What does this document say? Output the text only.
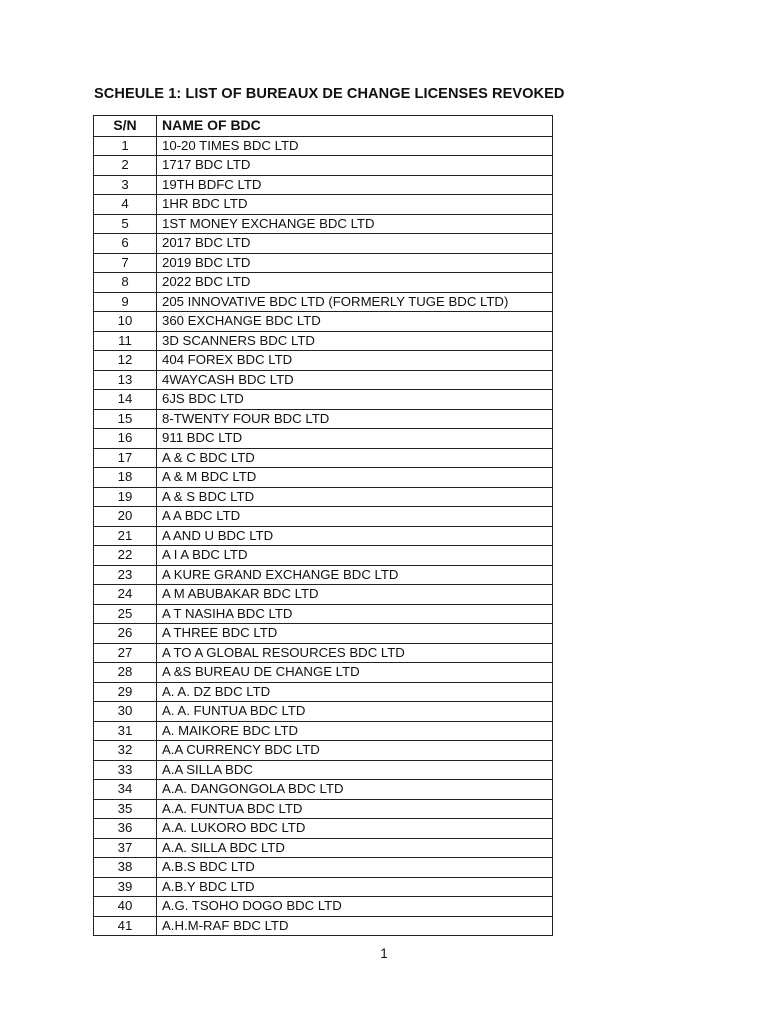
SCHEULE 1: LIST OF BUREAUX DE CHANGE LICENSES REVOKED
S/N	NAME OF BDC
1	10-20 TIMES BDC LTD
2	1717 BDC LTD
3	19TH BDFC LTD
4	1HR BDC LTD
5	1ST MONEY EXCHANGE BDC LTD
6	2017 BDC LTD
7	2019 BDC LTD
8	2022 BDC LTD
9	205 INNOVATIVE BDC LTD (FORMERLY TUGE BDC LTD)
10	360 EXCHANGE BDC LTD
11	3D SCANNERS BDC LTD
12	404 FOREX BDC LTD
13	4WAYCASH BDC LTD
14	6JS BDC LTD
15	8-TWENTY FOUR BDC LTD
16	911 BDC LTD
17	A & C BDC LTD
18	A & M BDC LTD
19	A & S BDC LTD
20	A A BDC LTD
21	A AND U BDC LTD
22	A I A BDC LTD
23	A KURE GRAND EXCHANGE BDC LTD
24	A M ABUBAKAR BDC LTD
25	A T NASIHA BDC LTD
26	A THREE BDC LTD
27	A TO A GLOBAL RESOURCES BDC LTD
28	A &S BUREAU DE CHANGE LTD
29	A. A. DZ BDC LTD
30	A. A. FUNTUA BDC LTD
31	A. MAIKORE BDC LTD
32	A.A CURRENCY BDC LTD
33	A.A SILLA BDC
34	A.A. DANGONGOLA BDC LTD
35	A.A. FUNTUA BDC LTD
36	A.A. LUKORO BDC LTD
37	A.A. SILLA BDC LTD
38	A.B.S BDC LTD
39	A.B.Y BDC LTD
40	A.G. TSOHO DOGO BDC LTD
41	A.H.M-RAF BDC LTD
1
